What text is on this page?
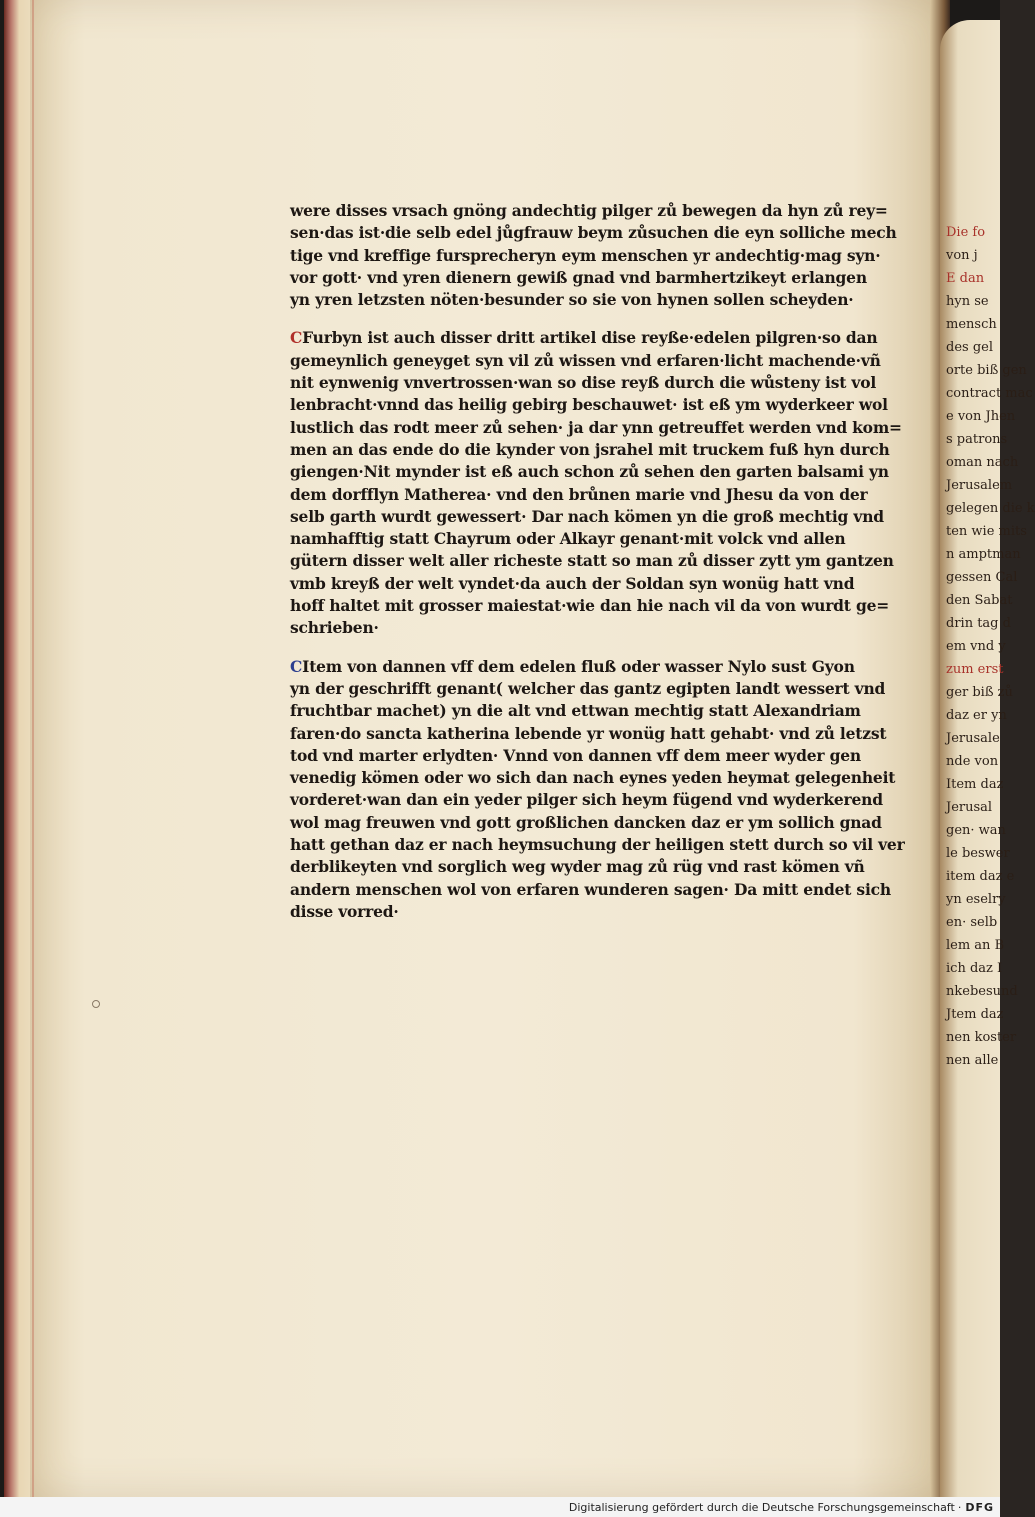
Die fo
von j
E dan
hyn se
mensch
des gel
orte biß gen
contract mac
e von Jhen
s patrons
oman nach
Jerusalem
gelegen die k
ten wie mits
n amptman
gessen Cal
den Sabat
drin tag d
em vnd y
zum erst
ger biß zů
daz er yn
Jerusale
nde von
Item daz
Jerusal
gen· wan
le beswer
item daz e
yn eselry
en· selb
lem an B
ich daz I
nkebesund
Jtem daz
nen koster
nen alle

were disses vrsach gnöng andechtig pilger zů bewegen da hyn zů rey=

sen·das ist·die selb edel jůgfrauw beym zůsuchen die eyn solliche mech

tige vnd kreffige fursprecheryn eym menschen yr andechtig·mag syn·

vor gott· vnd yren dienern gewiß gnad vnd barmhertzikeyt erlangen

yn yren letzsten nöten·besunder so sie von hynen sollen scheyden·

CFurbyn ist auch disser dritt artikel dise reyße·edelen pilgren·so dan

gemeynlich geneyget syn vil zů wissen vnd erfaren·licht machende·vñ

nit eynwenig vnvertrossen·wan so dise reyß durch die wůsteny ist vol

lenbracht·vnnd das heilig gebirg beschauwet· ist eß ym wyderkeer wol

lustlich das rodt meer zů sehen· ja dar ynn getreuffet werden vnd kom=

men an das ende do die kynder von jsrahel mit truckem fuß hyn durch

giengen·Nit mynder ist eß auch schon zů sehen den garten balsami yn

dem dorfflyn Matherea· vnd den brůnen marie vnd Jhesu da von der

selb garth wurdt gewessert· Dar nach kömen yn die groß mechtig vnd

namhafftig statt Chayrum oder Alkayr genant·mit volck vnd allen

gütern disser welt aller richeste statt so man zů disser zytt ym gantzen

vmb kreyß der welt vyndet·da auch der Soldan syn wonüg hatt vnd

hoff haltet mit grosser maiestat·wie dan hie nach vil da von wurdt ge=

schrieben·

CItem von dannen vff dem edelen fluß oder wasser Nylo sust Gyon

yn der geschrifft genant( welcher das gantz egipten landt wessert vnd

fruchtbar machet) yn die alt vnd ettwan mechtig statt Alexandriam

faren·do sancta katherina lebende yr wonüg hatt gehabt· vnd zů letzst

tod vnd marter erlydten· Vnnd von dannen vff dem meer wyder gen

venedig kömen oder wo sich dan nach eynes yeden heymat gelegenheit

vorderet·wan dan ein yeder pilger sich heym fügend vnd wyderkerend

wol mag freuwen vnd gott großlichen dancken daz er ym sollich gnad

hatt gethan daz er nach heymsuchung der heiligen stett durch so vil ver

derblikeyten vnd sorglich weg wyder mag zů rüg vnd rast kömen vñ

andern menschen wol von erfaren wunderen sagen· Da mitt endet sich

disse vorred·

Digitalisierung gefördert durch die Deutsche Forschungsgemeinschaft · DFG
